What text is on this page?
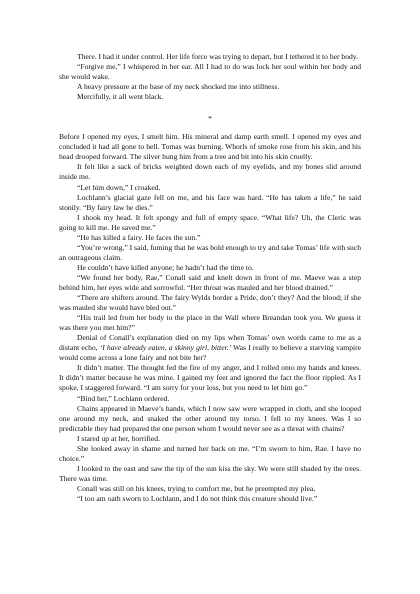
There. I had it under control. Her life force was trying to depart, but I tethered it to her body.

“Forgive me,” I whispered in her ear. All I had to do was lock her soul within her body and she would wake.

A heavy pressure at the base of my neck shocked me into stillness.

Mercifully, it all went black.

*

Before I opened my eyes, I smelt him. His mineral and damp earth smell. I opened my eyes and concluded it had all gone to hell. Tomas was burning. Whorls of smoke rose from his skin, and his head drooped forward. The silver hung him from a tree and bit into his skin cruelly.

It felt like a sack of bricks weighted down each of my eyelids, and my bones slid around inside me.

“Let him down,” I croaked.

Lochlann’s glacial gaze fell on me, and his face was hard. “He has taken a life,” he said stonily. “By fairy law he dies.”

I shook my head. It felt spongy and full of empty space. “What life? Uh, the Cleric was going to kill me. He saved me.”

“He has killed a fairy. He faces the sun.”

“You’re wrong,” I said, fuming that he was bold enough to try and take Tomas’ life with such an outrageous claim.

He couldn’t have killed anyone; he hadn’t had the time to.

“We found her body, Rae,” Conall said and knelt down in front of me. Maeve was a step behind him, her eyes wide and sorrowful. “Her throat was mauled and her blood drained.”

“There are shifters around. The fairy Wylds border a Pride, don’t they? And the blood; if she was mauled she would have bled out.”

“His trail led from her body to the place in the Wall where Breandan took you. We guess it was there you met him?”

Denial of Conall’s explanation died on my lips when Tomas’ own words came to me as a distant echo, ‘I have already eaten, a skinny girl, bitter.’ Was I really to believe a starving vampire would come across a lone fairy and not bite her?

It didn’t matter. The thought fed the fire of my anger, and I rolled onto my hands and knees. It didn’t matter because he was mine. I gained my feet and ignored the fact the floor rippled. As I spoke, I staggered forward. “I am sorry for your loss, but you need to let him go.”

“Bind her,” Lochlann ordered.

Chains appeared in Maeve’s hands, which I now saw were wrapped in cloth, and she looped one around my neck, and snaked the other around my torso. I fell to my knees. Was I so predictable they had prepared the one person whom I would never see as a threat with chains?

I stared up at her, horrified.

She looked away in shame and turned her back on me. “I’m sworn to him, Rae. I have no choice.”

I looked to the east and saw the tip of the sun kiss the sky. We were still shaded by the trees. There was time.

Conall was still on his knees, trying to comfort me, but he preempted my plea,

“I too am oath sworn to Lochlann, and I do not think this creature should live.”
